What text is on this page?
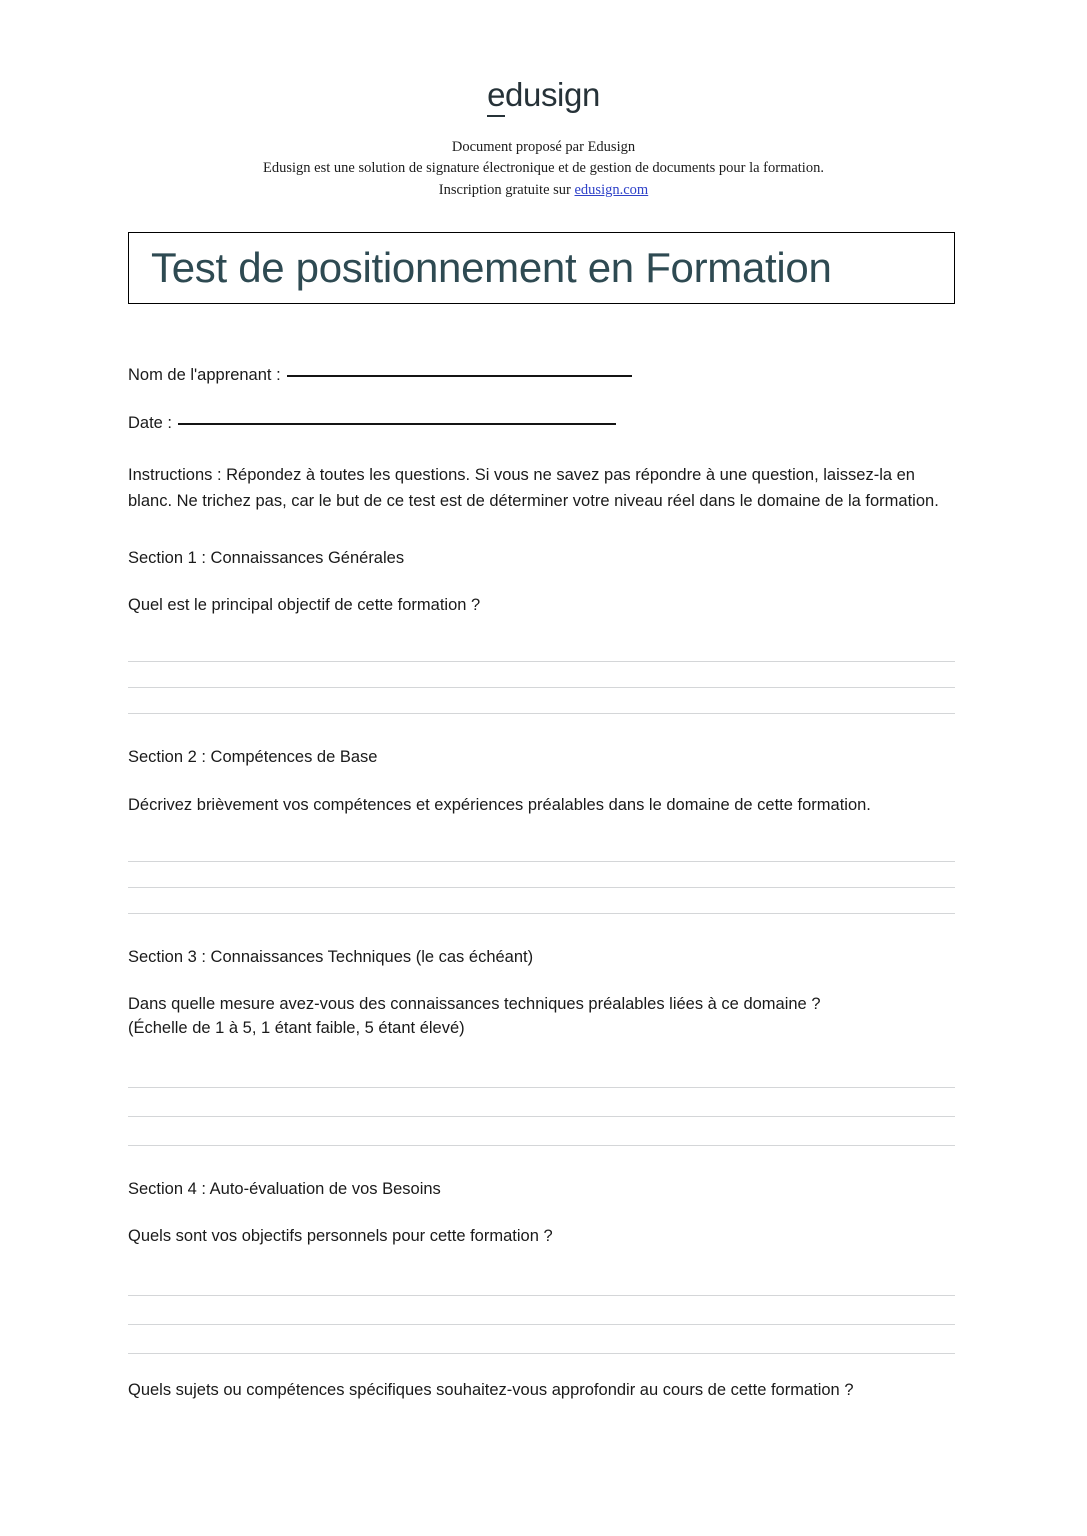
edusign
Document proposé par Edusign
Edusign est une solution de signature électronique et de gestion de documents pour la formation.
Inscription gratuite sur edusign.com
Test de positionnement en Formation
Nom de l'apprenant :
Date :

Instructions : Répondez à toutes les questions. Si vous ne savez pas répondre à une question, laissez-la en blanc. Ne trichez pas, car le but de ce test est de déterminer votre niveau réel dans le domaine de la formation.

Section 1 : Connaissances Générales
Quel est le principal objectif de cette formation ?
Section 2 : Compétences de Base
Décrivez brièvement vos compétences et expériences préalables dans le domaine de cette formation.
Section 3 : Connaissances Techniques (le cas échéant)
Dans quelle mesure avez-vous des connaissances techniques préalables liées à ce domaine ?
(Échelle de 1 à 5, 1 étant faible, 5 étant élevé)
Section 4 : Auto-évaluation de vos Besoins
Quels sont vos objectifs personnels pour cette formation ?
Quels sujets ou compétences spécifiques souhaitez-vous approfondir au cours de cette formation ?
